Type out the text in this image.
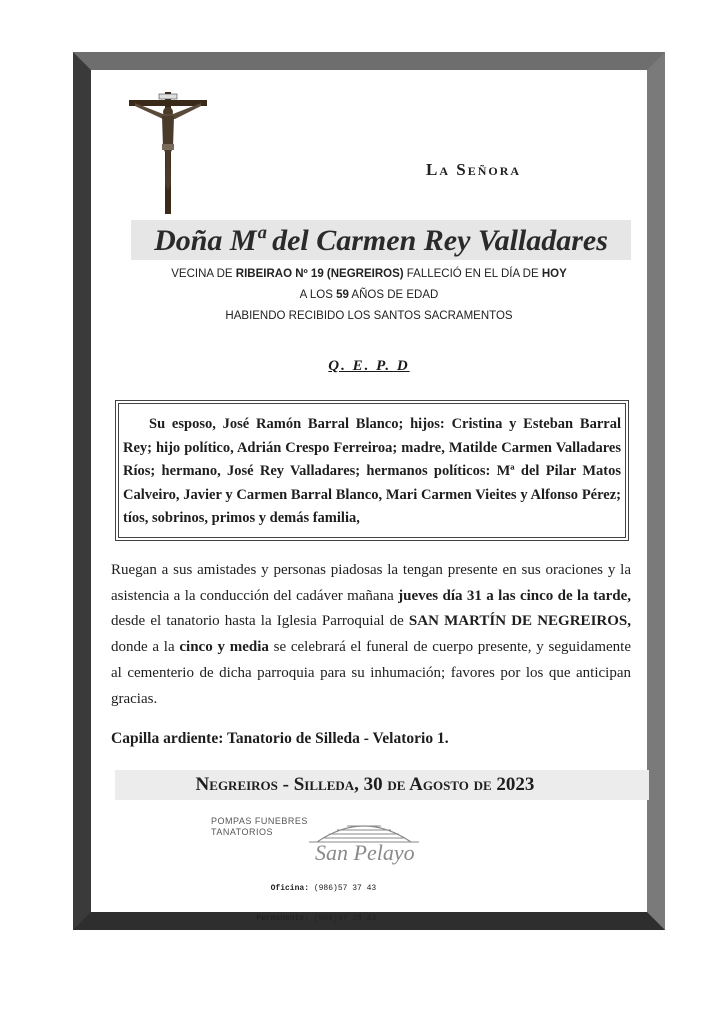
La Señora
Doña Mª del Carmen Rey Valladares
VECINA DE RIBEIRAO Nº 19 (NEGREIROS) FALLECIÓ EN EL DÍA DE HOY
A LOS 59 AÑOS DE EDAD
HABIENDO RECIBIDO LOS SANTOS SACRAMENTOS
Q. E. P. D

Su esposo, José Ramón Barral Blanco; hijos: Cristina y Esteban Barral Rey; hijo político, Adrián Crespo Ferreiroa; madre, Matilde Carmen Valladares Ríos; hermano, José Rey Valladares; hermanos políticos: Mª del Pilar Matos Calveiro, Javier y Carmen Barral Blanco, Mari Carmen Vieites y Alfonso Pérez; tíos, sobrinos, primos y demás familia,

Ruegan a sus amistades y personas piadosas la tengan presente en sus oraciones y la asistencia a la conducción del cadáver mañana jueves día 31 a las cinco de la tarde, desde el tanatorio hasta la Iglesia Parroquial de SAN MARTÍN DE NEGREIROS, donde a la cinco y media se celebrará el funeral de cuerpo presente, y seguidamente al cementerio de dicha parroquia para su inhumación; favores por los que anticipan gracias.

Capilla ardiente: Tanatorio de Silleda - Velatorio 1.
Negreiros - Silleda, 30 de Agosto de 2023
POMPAS FUNEBRES
TANATORIOS
San Pelayo

Oficina: (986)57 37 43

Permanente: (986)57 28 43
